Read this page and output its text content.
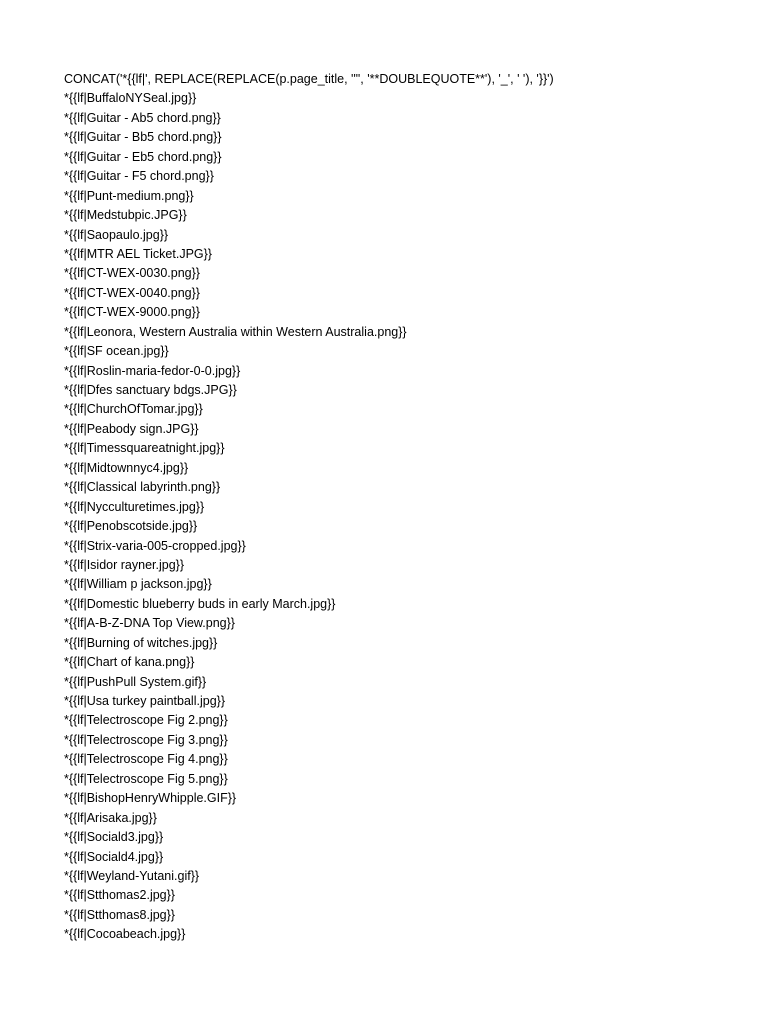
CONCAT('*{{lf|', REPLACE(REPLACE(p.page_title, '"', '**DOUBLEQUOTE**'), '_', ' '), '}}')
*{{lf|BuffaloNYSeal.jpg}}
*{{lf|Guitar - Ab5 chord.png}}
*{{lf|Guitar - Bb5 chord.png}}
*{{lf|Guitar - Eb5 chord.png}}
*{{lf|Guitar - F5 chord.png}}
*{{lf|Punt-medium.png}}
*{{lf|Medstubpic.JPG}}
*{{lf|Saopaulo.jpg}}
*{{lf|MTR AEL Ticket.JPG}}
*{{lf|CT-WEX-0030.png}}
*{{lf|CT-WEX-0040.png}}
*{{lf|CT-WEX-9000.png}}
*{{lf|Leonora, Western Australia within Western Australia.png}}
*{{lf|SF ocean.jpg}}
*{{lf|Roslin-maria-fedor-0-0.jpg}}
*{{lf|Dfes sanctuary bdgs.JPG}}
*{{lf|ChurchOfTomar.jpg}}
*{{lf|Peabody sign.JPG}}
*{{lf|Timessquareatnight.jpg}}
*{{lf|Midtownnyc4.jpg}}
*{{lf|Classical labyrinth.png}}
*{{lf|Nycculturetimes.jpg}}
*{{lf|Penobscotside.jpg}}
*{{lf|Strix-varia-005-cropped.jpg}}
*{{lf|Isidor rayner.jpg}}
*{{lf|William p jackson.jpg}}
*{{lf|Domestic blueberry buds in early March.jpg}}
*{{lf|A-B-Z-DNA Top View.png}}
*{{lf|Burning of witches.jpg}}
*{{lf|Chart of kana.png}}
*{{lf|PushPull System.gif}}
*{{lf|Usa turkey paintball.jpg}}
*{{lf|Telectroscope Fig 2.png}}
*{{lf|Telectroscope Fig 3.png}}
*{{lf|Telectroscope Fig 4.png}}
*{{lf|Telectroscope Fig 5.png}}
*{{lf|BishopHenryWhipple.GIF}}
*{{lf|Arisaka.jpg}}
*{{lf|Sociald3.jpg}}
*{{lf|Sociald4.jpg}}
*{{lf|Weyland-Yutani.gif}}
*{{lf|Stthomas2.jpg}}
*{{lf|Stthomas8.jpg}}
*{{lf|Cocoabeach.jpg}}
